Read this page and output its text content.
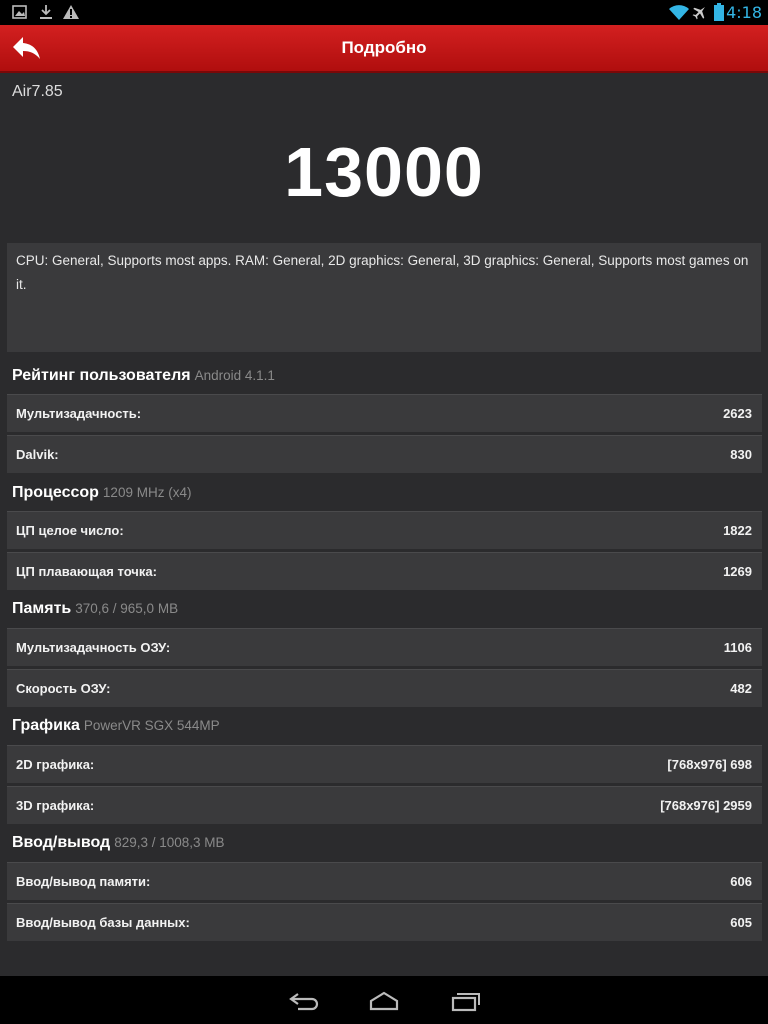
4:18
Подробно
Air7.85
13000
CPU: General, Supports most apps. RAM: General, 2D graphics: General, 3D graphics: General, Supports most games on it.
Рейтинг пользователя Android 4.1.1
Мультизадачность:	2623
Dalvik:	830
Процессор 1209 MHz (x4)
ЦП целое число:	1822
ЦП плавающая точка:	1269
Память 370,6 / 965,0 MB
Мультизадачность ОЗУ:	1106
Скорость ОЗУ:	482
Графика PowerVR SGX 544MP
2D графика:	[768x976] 698
3D графика:	[768x976] 2959
Ввод/вывод 829,3 / 1008,3 MB
Ввод/вывод памяти:	606
Ввод/вывод базы данных:	605
